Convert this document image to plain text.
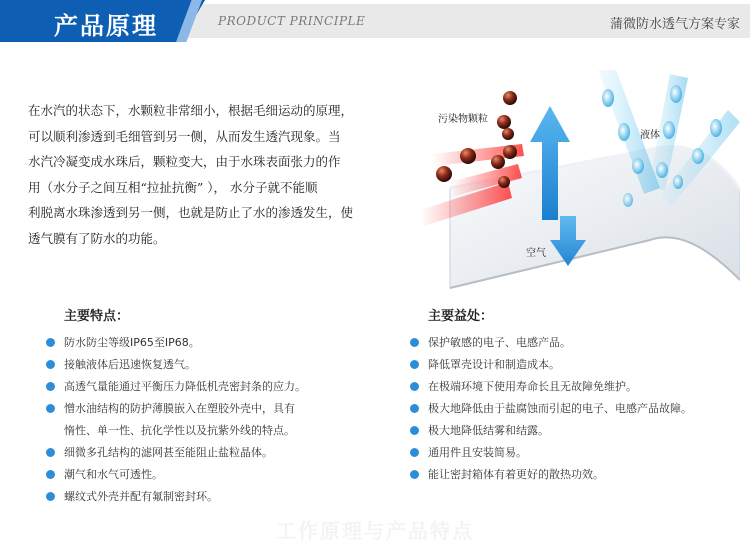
产品原理	PRODUCT PRINCIPLE	蒲微防水透气方案专家
在水汽的状态下，水颗粒非常细小，根据毛细运动的原理，
可以顺利渗透到毛细管到另一侧，从而发生透汽现象。当
水汽冷凝变成水珠后，颗粒变大，由于水珠表面张力的作
用（水分子之间互相“拉扯抗衡” ）， 水分子就不能顺
利脱离水珠渗透到另一侧，也就是防止了水的渗透发生，使
透气膜有了防水的功能。
污染物颗粒
液体
空气
主要特点：
防水防尘等级IP65至IP68。
接触液体后迅速恢复透气。
高透气量能通过平衡压力降低机壳密封条的应力。
憎水油结构的防护薄膜嵌入在塑胶外壳中，具有
惰性、单一性、抗化学性以及抗紫外线的特点。
细微多孔结构的滤网甚至能阻止盐粒晶体。
潮气和水气可透性。
螺纹式外壳并配有氟制密封环。
主要益处：
保护敏感的电子、电感产品。
降低罩壳设计和制造成本。
在极端环境下使用寿命长且无故障免维护。
极大地降低由于盐腐蚀而引起的电子、电感产品故障。
极大地降低结雾和结露。
通用件且安装简易。
能让密封箱体有着更好的散热功效。
工作原理与产品特点
